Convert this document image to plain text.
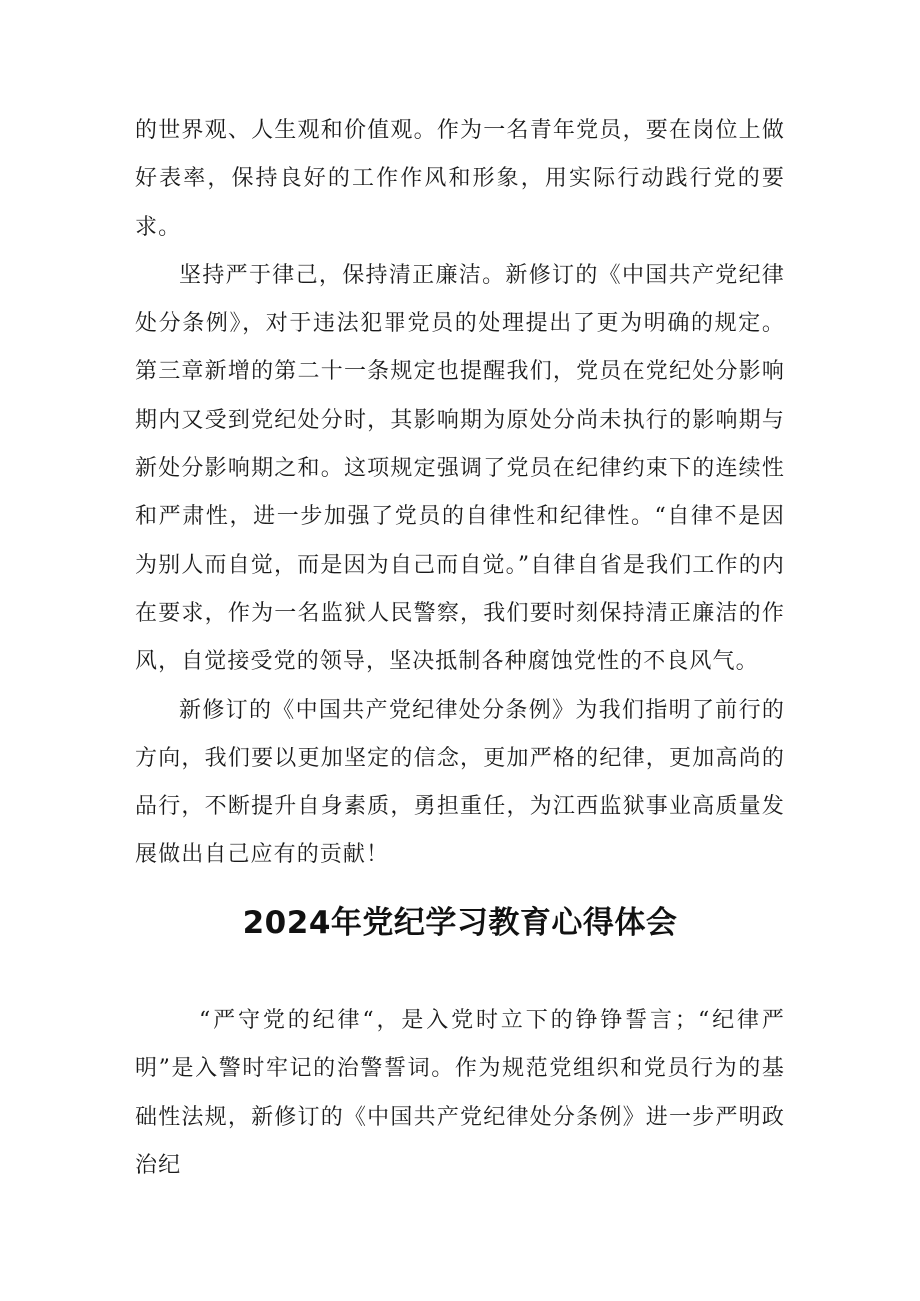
的世界观、人生观和价值观。作为一名青年党员，要在岗位上做好表率，保持良好的工作作风和形象，用实际行动践行党的要求。

坚持严于律己，保持清正廉洁。新修订的《中国共产党纪律处分条例》，对于违法犯罪党员的处理提出了更为明确的规定。第三章新增的第二十一条规定也提醒我们，党员在党纪处分影响期内又受到党纪处分时，其影响期为原处分尚未执行的影响期与新处分影响期之和。这项规定强调了党员在纪律约束下的连续性和严肃性，进一步加强了党员的自律性和纪律性。“自律不是因为别人而自觉，而是因为自己而自觉。”自律自省是我们工作的内在要求，作为一名监狱人民警察，我们要时刻保持清正廉洁的作风，自觉接受党的领导，坚决抵制各种腐蚀党性的不良风气。

新修订的《中国共产党纪律处分条例》为我们指明了前行的方向，我们要以更加坚定的信念，更加严格的纪律，更加高尚的品行，不断提升自身素质，勇担重任，为江西监狱事业高质量发展做出自己应有的贡献！

2024年党纪学习教育心得体会

“严守党的纪律“，是入党时立下的铮铮誓言；“纪律严明”是入警时牢记的治警誓词。作为规范党组织和党员行为的基础性法规，新修订的《中国共产党纪律处分条例》进一步严明政治纪
